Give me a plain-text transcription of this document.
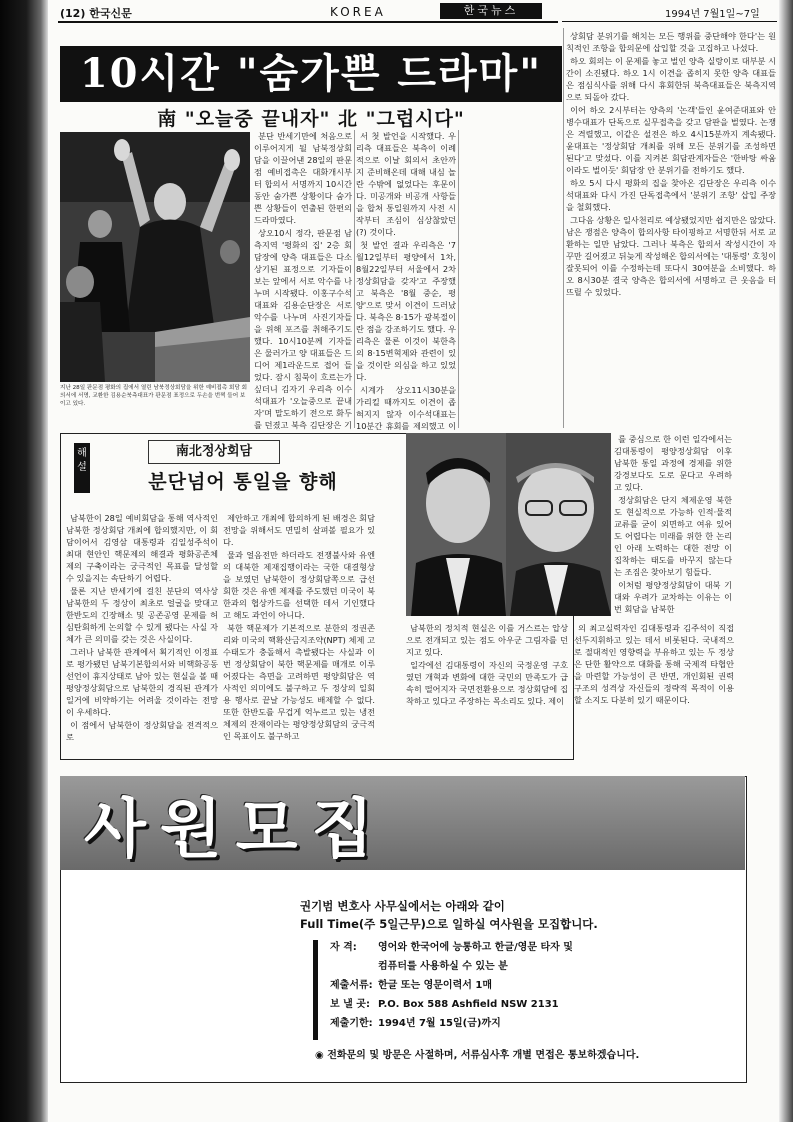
(12) 한국신문	KOREA	한국뉴스	1994년 7월1일~7일
10시간 "숨가쁜 드라마"
南 "오늘중 끝내자" 北 "그럽시다"
지난 28일 판문점 평화의 집에서 열린 남북정상회담을 위한 예비접촉 회담 회의서에 서명, 교환한 김용순북측대표가 판문점 표정으로 두손을 번쩍 들어 보이고 있다.

분단 반세기만에 처음으로 이루어지게 될 남북정상회담을 이끌어낸 28일의 판문점 예비접촉은 대화개시부터 합의서 서명까지 10시간 동안 숨가쁜 상황이다 숨가쁜 상황들이 연출된 한편의 드라마였다.

상오10시 정각, 판문점 남측지역 '평화의 집' 2층 회담장에 양측 대표들은 다소 상기된 표정으로 기자들이 보는 앞에서 서로 악수를 나누며 시작됐다. 이홍구수석대표와 김용순단장은 서로 악수를 나누며 사진기자들을 위해 포즈를 취해주기도 했다. 10시10분께 기자들은 물러가고 양 대표들은 드디어 제1라운드로 접어 들었다. 잠시 침묵이 흐르는가 싶더니 김자기 우리측 이수석대표가 '오늘중으로 끝내자'며 말도하기 전으로 화두를 던졌고 북측 김단장은 기

서 첫 발언을 시작했다. 우리측 대표들은 북측이 이례적으로 이날 회의서 초안까지 준비해온데 대해 내심 놀란 수밖에 없었다는 후문이다. 미공개와 비공개 사항들을 합쳐 통일원까지 사전 시작부터 조심이 심상찮았던(?) 것이다.

첫 발언 결과 우리측은 '7월12일부터 평양에서 1차, 8월22일부터 서울에서 2차 정상회담을 갖자'고 주장했고 북측은 '8월 중순, 평양'으로 맞서 이견이 드러났다. 북측은 8·15가 광복절이란 점을 강조하기도 했다. 우리측은 물론 이것이 북한측의 8·15변혁제와 관련이 있을 것이란 의심을 하고 있었다.

시계가 상오11시30분을 가리킬 때까지도 이견이 좁혀지지 않자 이수석대표는 10분간 휴회를 제의했고 이

상회담 분위기를 해치는 모든 행위를 중단해야 한다'는 원칙적인 조항을 합의문에 삽입할 것을 고집하고 나섰다.

하오 회의는 이 문제를 놓고 벌인 양측 실랑이로 대부분 시간이 소진됐다. 하오 1시 이견을 좁히지 못한 양측 대표들은 점심식사를 위해 다시 휴회한뒤 북측대표들은 북측지역으로 되돌아 갔다.

이어 하오 2시부터는 양측의 '논객'들인 윤여준대표와 안병수대표가 단독으로 실무접촉을 갖고 담판을 벌였다. 논쟁은 격렬했고, 이같은 설전은 하오 4시15분까지 계속됐다. 윤대표는 '정상회담 개최를 위해 모든 분위기를 조성하면 된다'고 맞섰다. 이를 지켜본 회담관계자들은 '한바탕 싸움이라도 벌이듯' 회담장 안 분위기를 전하기도 했다.

하오 5시 다시 평화의 집을 찾아온 김단장은 우리측 이수석대표와 다시 가진 단독접촉에서 '분위기 조항' 삽입 주장을 철회했다.

그다음 상황은 일사천리로 예상됐었지만 쉽지만은 않았다. 남은 쟁점은 양측이 합의사항 타이핑하고 서명한뒤 서로 교환하는 일만 남았다. 그러나 북측은 합의서 작성시간이 자꾸만 길어졌고 뒤늦게 작성해온 합의서에는 '대통령' 호칭이 잘못되어 이를 수정하는데 또다시 30여분을 소비했다. 하오 8시30분 결국 양측은 합의서에 서명하고 큰 웃음을 터뜨릴 수 있었다.

해설
南北정상회담
분단넘어 통일을 향해

남북한이 28일 예비회담을 통해 역사적인 남북한 정상회담 개최에 합의했지만, 이 회담이어서 김영삼 대통령과 김일성주석이 최대 현안인 핵문제의 해결과 평화공존체제의 구축이라는 궁극적인 목표를 달성할 수 있을지는 속단하기 어렵다.

물론 지난 반세기에 걸친 분단의 역사상 남북한의 두 정상이 최초로 얼굴을 맞대고 한반도의 긴장해소 및 공존공영 문제를 허심탄회하게 논의할 수 있게 됐다는 사실 자체가 큰 의미를 갖는 것은 사실이다.

그러나 남북한 관계에서 획기적인 이정표로 평가됐던 남북기본합의서와 비핵화공동선언이 휴지상태로 남아 있는 현실을 볼 때 평양정상회담으로 남북한의 경직된 관계가 일거에 비약하기는 어려울 것이라는 전망이 우세하다.

이 점에서 남북한이 정상회담을 전격적으로

제안하고 개최에 합의하게 된 배경은 회담 전망을 위해서도 면밀히 살펴볼 필요가 있다.

물과 얼음전만 하더라도 전쟁불사와 유엔의 대북한 제재집행이라는 국한 대결형상을 보였던 남북한이 정상회담쪽으로 급선회한 것은 유엔 제재를 주도했던 미국이 북한과의 협상카드를 선택한 데서 기인했다고 해도 과언이 아니다.

북한 핵문제가 기본적으로 분한의 정권존리와 미국의 핵확산금지조약(NPT) 체제 고수태도가 충돌해서 촉발됐다는 사실과 이번 정상회담이 북한 핵문제를 매개로 이루어졌다는 측면을 고려하면 평양회담은 역사적인 의미에도 불구하고 두 정상의 일회용 행사로 끝날 가능성도 배제할 수 없다. 또한 한반도를 무겁게 억누르고 있는 냉전체제의 잔재이라는 평양정상회담의 궁극적인 목표이도 불구하고

남북한의 정치적 현실은 이를 거스르는 압상으로 전개되고 있는 점도 아우군 그림자를 던지고 있다.

일각에선 김대통령이 자신의 국정운영 구호였던 개혁과 변화에 대한 국민의 만족도가 급속히 떨어지자 국면전환용으로 정상회담에 집착하고 있다고 주장하는 목소리도 있다. 제이

를 중심으로 한 이런 일각에서는 김대통령이 평양정상회담 이후 남북한 통일 과정에 경제를 위한 강경보다도 도로 문다고 우려하고 있다.

정상회담은 단지 체제운영 북한도 현실적으로 가능하 인적·물적 교류를 굳이 외면하고 여유 있어도 어렵다는 미래를 위한 한 논리 인 아래 노력하는 대한 전망 이 집착하는 태도를 바꾸지 않는다는 조짐은 찾아보기 힘들다.

이처럼 평양정상회담이 대북 기대와 우려가 교차하는 이유는 이번 회담을 남북한

의 최고실력자인 김대통령과 김주석이 직접 선두지휘하고 있는 데서 비롯된다. 국내적으로 절대적인 영향력을 부유하고 있는 두 정상은 단한 활약으로 대화를 통해 국제적 타협안을 마련할 가능성이 큰 반면, 개인회된 권력구조의 성격상 자신들의 정략적 목적이 이용할 소지도 다분히 있기 때문이다.

사원모집
권기범 변호사 사무실에서는 아래와 같이
Full Time(주 5일근무)으로 일하실 여사원을 모집합니다.
자 격: 영어와 한국어에 능통하고 한글/영문 타자 및
컴퓨터를 사용하실 수 있는 분
제출서류: 한글 또는 영문이력서 1매
보 낼 곳: P.O. Box 588 Ashfield NSW 2131
제출기한: 1994년 7월 15일(금)까지
◉ 전화문의 및 방문은 사절하며, 서류심사후 개별 면접은 통보하겠습니다.
